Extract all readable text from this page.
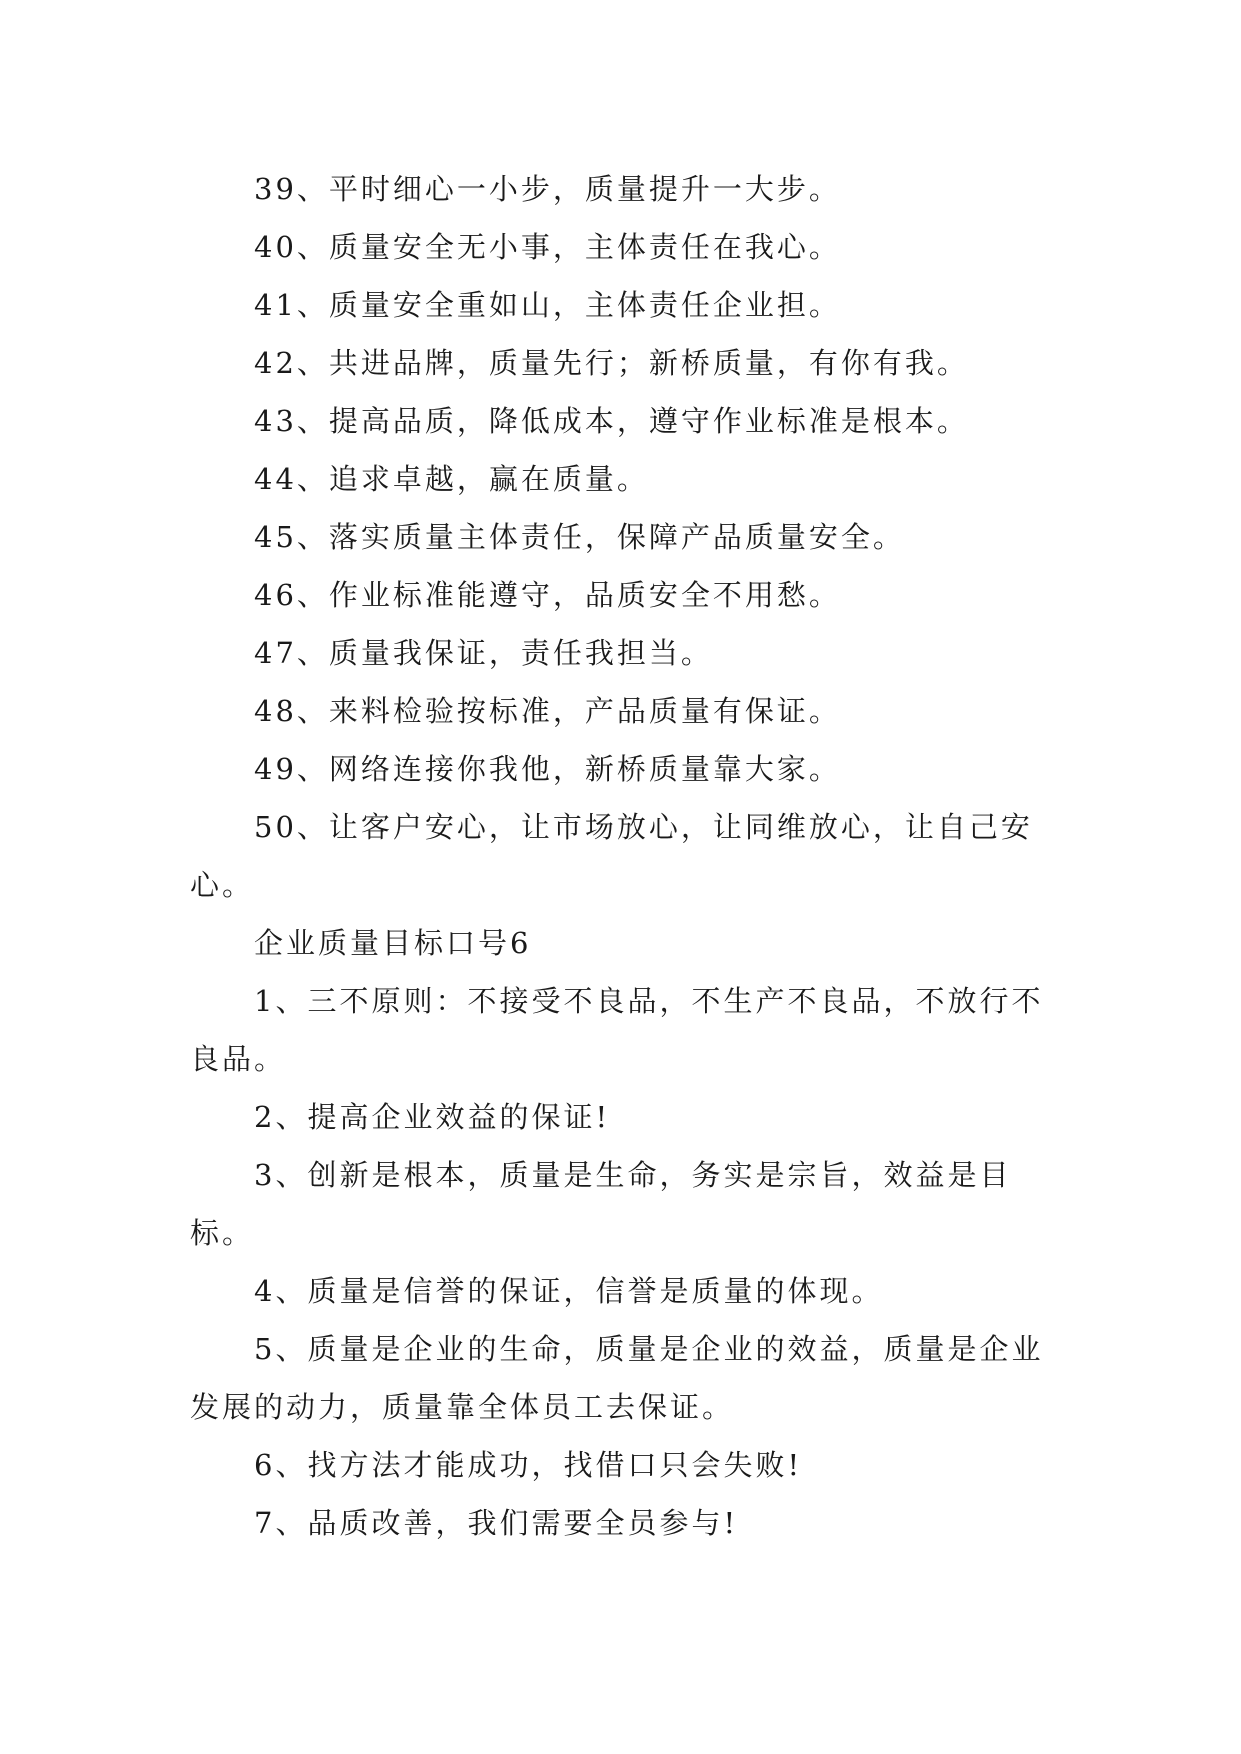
39、平时细心一小步，质量提升一大步。

40、质量安全无小事，主体责任在我心。

41、质量安全重如山，主体责任企业担。

42、共进品牌，质量先行；新桥质量，有你有我。

43、提高品质，降低成本，遵守作业标准是根本。

44、追求卓越，赢在质量。

45、落实质量主体责任，保障产品质量安全。

46、作业标准能遵守，品质安全不用愁。

47、质量我保证，责任我担当。

48、来料检验按标准，产品质量有保证。

49、网络连接你我他，新桥质量靠大家。

50、让客户安心，让市场放心，让同维放心，让自己安心。

企业质量目标口号6

1、三不原则：不接受不良品，不生产不良品，不放行不良品。

2、提高企业效益的保证!

3、创新是根本，质量是生命，务实是宗旨，效益是目标。

4、质量是信誉的保证，信誉是质量的体现。

5、质量是企业的生命，质量是企业的效益，质量是企业发展的动力，质量靠全体员工去保证。

6、找方法才能成功，找借口只会失败!

7、品质改善，我们需要全员参与!
